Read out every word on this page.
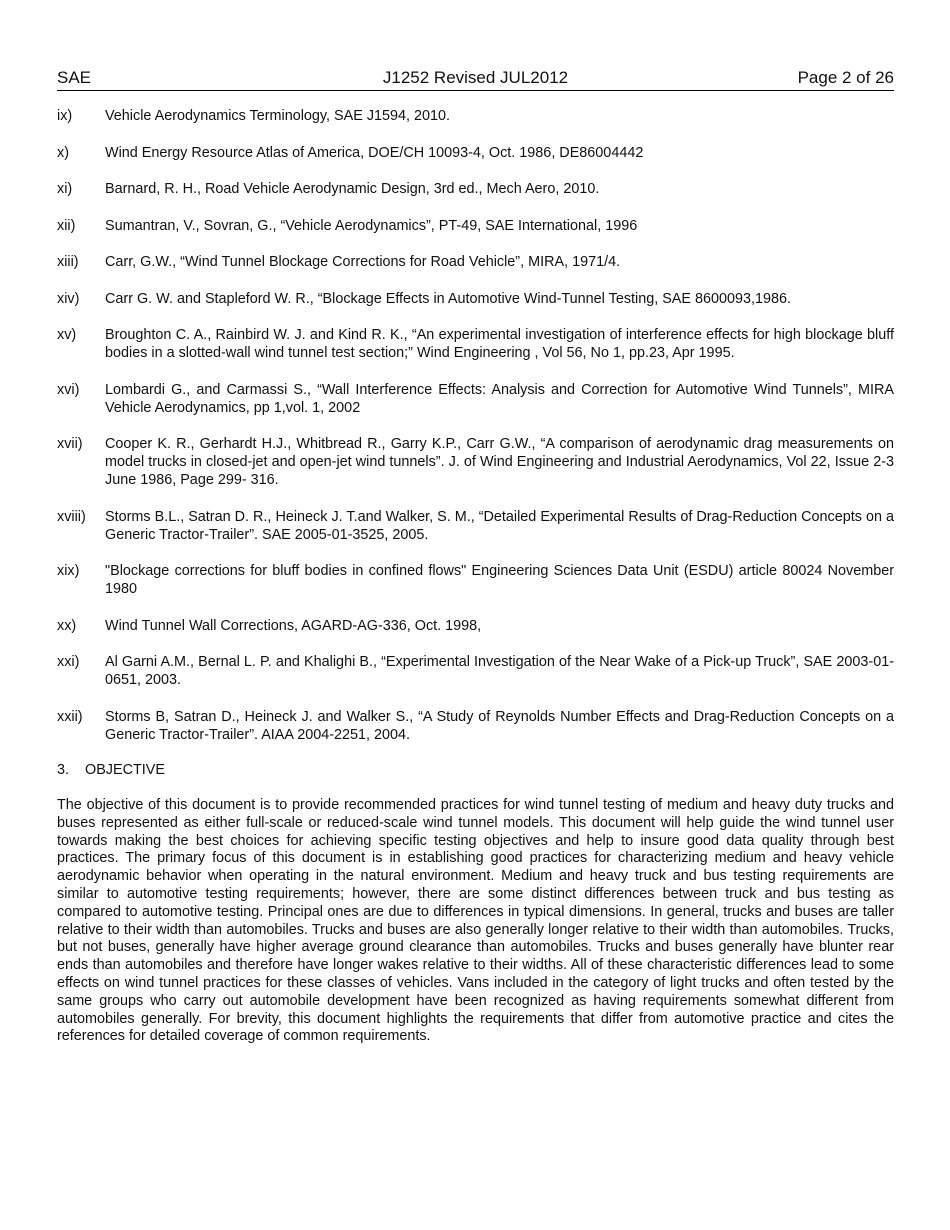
SAE	J1252 Revised JUL2012	Page 2 of 26
ix)	Vehicle Aerodynamics Terminology, SAE J1594, 2010.
x)	Wind Energy Resource Atlas of America, DOE/CH 10093-4, Oct. 1986, DE86004442
xi)	Barnard, R. H., Road Vehicle Aerodynamic Design, 3rd ed., Mech Aero, 2010.
xii)	Sumantran, V., Sovran, G., “Vehicle Aerodynamics”, PT-49, SAE International, 1996
xiii)	Carr, G.W., “Wind Tunnel Blockage Corrections for Road Vehicle”, MIRA, 1971/4.
xiv)	Carr G. W. and Stapleford W. R., “Blockage Effects in Automotive Wind-Tunnel Testing, SAE 8600093,1986.
xv)	Broughton C. A., Rainbird W. J. and Kind R. K., “An experimental investigation of interference effects for high blockage bluff bodies in a slotted-wall wind tunnel test section;” Wind Engineering , Vol 56, No 1, pp.23, Apr 1995.
xvi)	Lombardi G., and Carmassi S., “Wall Interference Effects: Analysis and Correction for Automotive Wind Tunnels”, MIRA Vehicle Aerodynamics, pp 1,vol. 1, 2002
xvii)	Cooper K. R., Gerhardt H.J., Whitbread R., Garry K.P., Carr G.W., “A comparison of aerodynamic drag measurements on model trucks in closed-jet and open-jet wind tunnels”. J. of Wind Engineering and Industrial Aerodynamics, Vol 22, Issue 2-3 June 1986, Page 299- 316.
xviii)	Storms B.L., Satran D. R., Heineck J. T.and Walker, S. M., “Detailed Experimental Results of Drag-Reduction Concepts on a Generic Tractor-Trailer”. SAE 2005-01-3525, 2005.
xix)	"Blockage corrections for bluff bodies in confined flows" Engineering Sciences Data Unit (ESDU) article 80024 November 1980
xx)	Wind Tunnel Wall Corrections, AGARD-AG-336, Oct. 1998,
xxi)	Al Garni A.M., Bernal L. P. and Khalighi B., “Experimental Investigation of the Near Wake of a Pick-up Truck”, SAE 2003-01-0651, 2003.
xxii)	Storms B, Satran D., Heineck J. and Walker S., “A Study of Reynolds Number Effects and Drag-Reduction Concepts on a Generic Tractor-Trailer”. AIAA 2004-2251, 2004.
3. OBJECTIVE

The objective of this document is to provide recommended practices for wind tunnel testing of medium and heavy duty trucks and buses represented as either full-scale or reduced-scale wind tunnel models. This document will help guide the wind tunnel user towards making the best choices for achieving specific testing objectives and help to insure good data quality through best practices. The primary focus of this document is in establishing good practices for characterizing medium and heavy vehicle aerodynamic behavior when operating in the natural environment. Medium and heavy truck and bus testing requirements are similar to automotive testing requirements; however, there are some distinct differences between truck and bus testing as compared to automotive testing. Principal ones are due to differences in typical dimensions. In general, trucks and buses are taller relative to their width than automobiles. Trucks and buses are also generally longer relative to their width than automobiles. Trucks, but not buses, generally have higher average ground clearance than automobiles. Trucks and buses generally have blunter rear ends than automobiles and therefore have longer wakes relative to their widths. All of these characteristic differences lead to some effects on wind tunnel practices for these classes of vehicles. Vans included in the category of light trucks and often tested by the same groups who carry out automobile development have been recognized as having requirements somewhat different from automobiles generally. For brevity, this document highlights the requirements that differ from automotive practice and cites the references for detailed coverage of common requirements.
